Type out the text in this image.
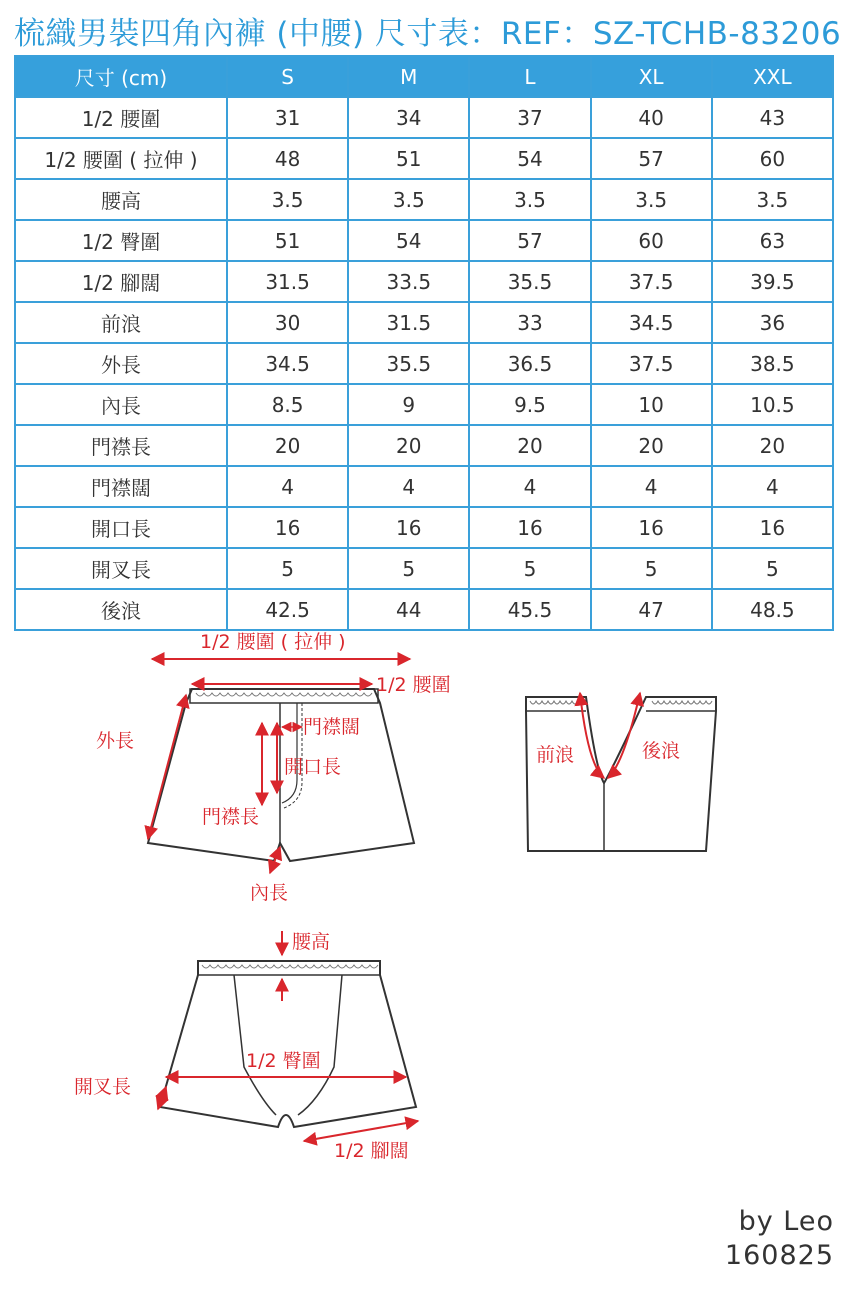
梳織男裝四角內褲 (中腰) 尺寸表：REF：SZ-TCHB-83206
尺寸 (cm)	S	M	L	XL	XXL
1/2 腰圍	31	34	37	40	43
1/2 腰圍 ( 拉伸 )	48	51	54	57	60
腰高	3.5	3.5	3.5	3.5	3.5
1/2 臀圍	51	54	57	60	63
1/2 腳闊	31.5	33.5	35.5	37.5	39.5
前浪	30	31.5	33	34.5	36
外長	34.5	35.5	36.5	37.5	38.5
內長	8.5	9	9.5	10	10.5
門襟長	20	20	20	20	20
門襟闊	4	4	4	4	4
開口長	16	16	16	16	16
開叉長	5	5	5	5	5
後浪	42.5	44	45.5	47	48.5
1/2 腰圍 ( 拉伸 )
1/2 腰圍
門襟闊
外長
開口長
門襟長
內長
前浪	後浪
腰高
1/2 臀圍
開叉長
1/2 腳闊
by Leo
160825
